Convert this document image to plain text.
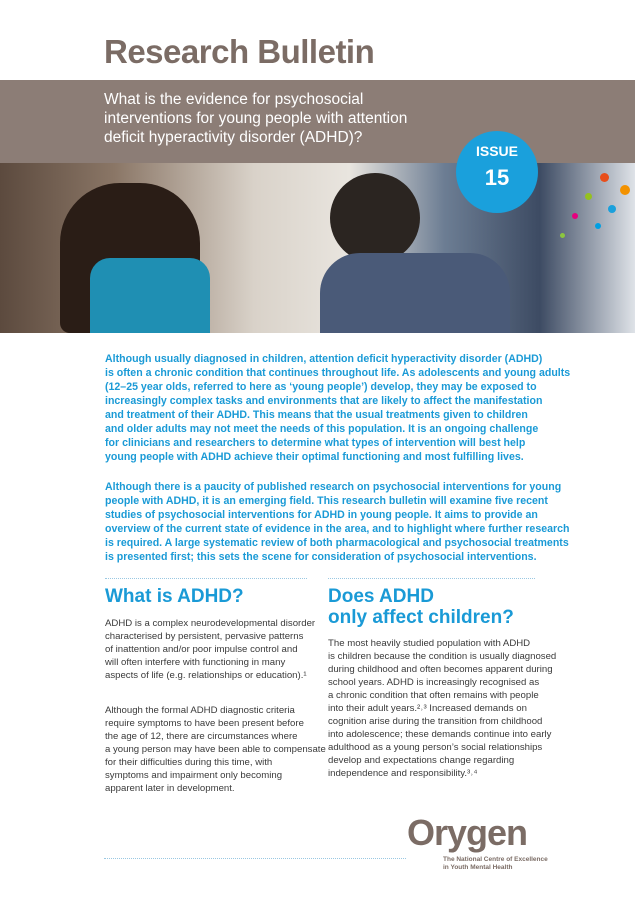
Research Bulletin
What is the evidence for psychosocial interventions for young people with attention deficit hyperactivity disorder (ADHD)?
ISSUE
15
Although usually diagnosed in children, attention deficit hyperactivity disorder (ADHD)
is often a chronic condition that continues throughout life. As adolescents and young adults
(12–25 year olds, referred to here as ‘young people’) develop, they may be exposed to
increasingly complex tasks and environments that are likely to affect the manifestation
and treatment of their ADHD. This means that the usual treatments given to children
and older adults may not meet the needs of this population. It is an ongoing challenge
for clinicians and researchers to determine what types of intervention will best help
young people with ADHD achieve their optimal functioning and most fulfilling lives.
Although there is a paucity of published research on psychosocial interventions for young
people with ADHD, it is an emerging field. This research bulletin will examine five recent
studies of psychosocial interventions for ADHD in young people. It aims to provide an
overview of the current state of evidence in the area, and to highlight where further research
is required. A large systematic review of both pharmacological and psychosocial treatments
is presented first; this sets the scene for consideration of psychosocial interventions.
What is ADHD?
ADHD is a complex neurodevelopmental disorder
characterised by persistent, pervasive patterns
of inattention and/or poor impulse control and
will often interfere with functioning in many
aspects of life (e.g. relationships or education).¹
Although the formal ADHD diagnostic criteria
require symptoms to have been present before
the age of 12, there are circumstances where
a young person may have been able to compensate
for their difficulties during this time, with
symptoms and impairment only becoming
apparent later in development.
Does ADHD
only affect children?
The most heavily studied population with ADHD
is children because the condition is usually diagnosed
during childhood and often becomes apparent during
school years. ADHD is increasingly recognised as
a chronic condition that often remains with people
into their adult years.²˒³ Increased demands on
cognition arise during the transition from childhood
into adolescence; these demands continue into early
adulthood as a young person’s social relationships
develop and expectations change regarding
independence and responsibility.³˒⁴
Orygen
The National Centre of Excellence
in Youth Mental Health
